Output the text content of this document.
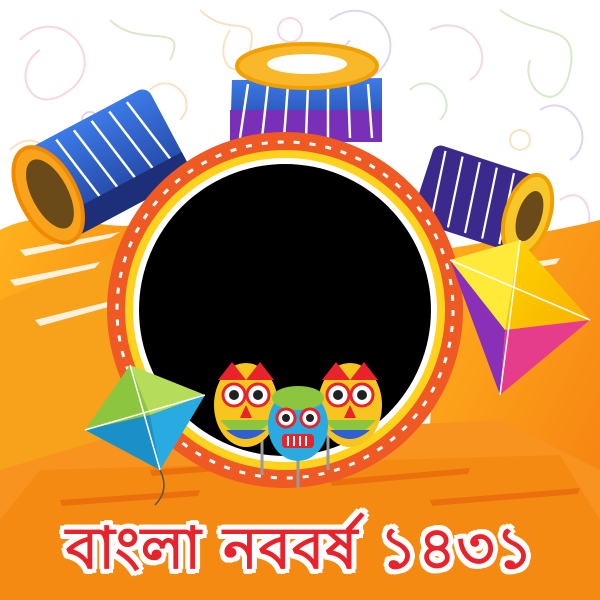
বাংলা নববর্ষ ১৪৩১
